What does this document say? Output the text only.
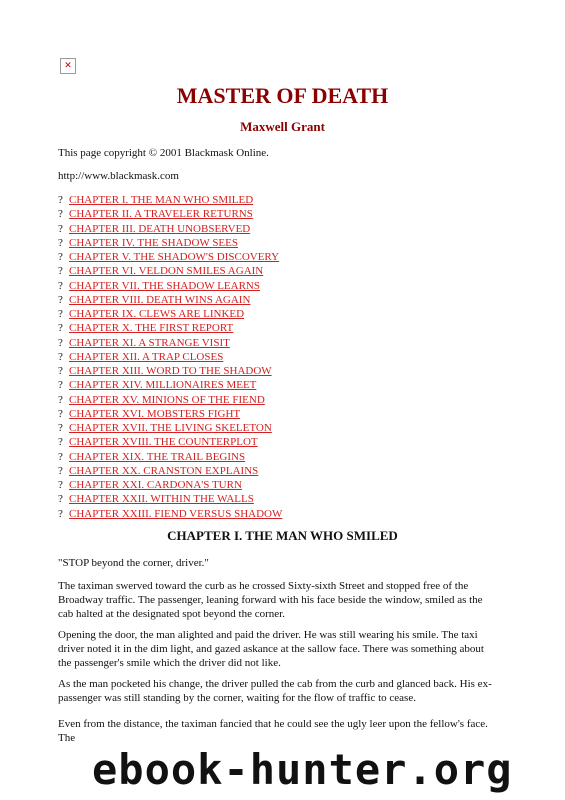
✕
MASTER OF DEATH
Maxwell Grant

This page copyright © 2001 Blackmask Online.

http://www.blackmask.com

? CHAPTER I. THE MAN WHO SMILED
? CHAPTER II. A TRAVELER RETURNS
? CHAPTER III. DEATH UNOBSERVED
? CHAPTER IV. THE SHADOW SEES
? CHAPTER V. THE SHADOW'S DISCOVERY
? CHAPTER VI. VELDON SMILES AGAIN
? CHAPTER VII. THE SHADOW LEARNS
? CHAPTER VIII. DEATH WINS AGAIN
? CHAPTER IX. CLEWS ARE LINKED
? CHAPTER X. THE FIRST REPORT
? CHAPTER XI. A STRANGE VISIT
? CHAPTER XII. A TRAP CLOSES
? CHAPTER XIII. WORD TO THE SHADOW
? CHAPTER XIV. MILLIONAIRES MEET
? CHAPTER XV. MINIONS OF THE FIEND
? CHAPTER XVI. MOBSTERS FIGHT
? CHAPTER XVII. THE LIVING SKELETON
? CHAPTER XVIII. THE COUNTERPLOT
? CHAPTER XIX. THE TRAIL BEGINS
? CHAPTER XX. CRANSTON EXPLAINS
? CHAPTER XXI. CARDONA'S TURN
? CHAPTER XXII. WITHIN THE WALLS
? CHAPTER XXIII. FIEND VERSUS SHADOW
CHAPTER I. THE MAN WHO SMILED

"STOP beyond the corner, driver."

The taximan swerved toward the curb as he crossed Sixty-sixth Street and stopped free of the Broadway traffic. The passenger, leaning forward with his face beside the window, smiled as the cab halted at the designated spot beyond the corner.

Opening the door, the man alighted and paid the driver. He was still wearing his smile. The taxi driver noted it in the dim light, and gazed askance at the sallow face. There was something about the passenger's smile which the driver did not like.

As the man pocketed his change, the driver pulled the cab from the curb and glanced back. His ex-passenger was still standing by the corner, waiting for the flow of traffic to cease.

Even from the distance, the taximan fancied that he could see the ugly leer upon the fellow's face. The

ebook-hunter.org
